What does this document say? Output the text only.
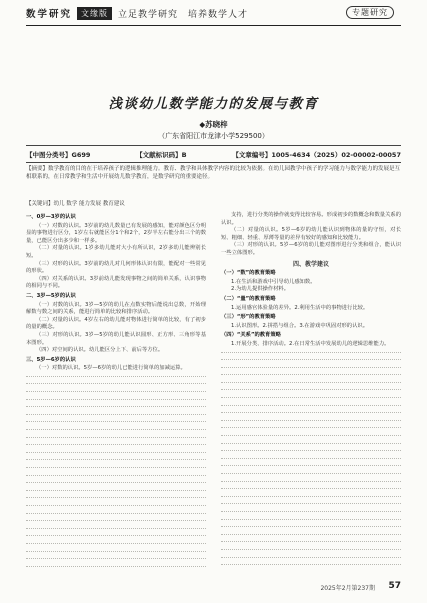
数学研究	文缘版	立足教学研究　培养数学人才	专题研究
浅谈幼儿数学能力的发展与教育
◆苏晓梓
（广东省阳江市龙津小学529500）
【中图分类号】G699	【文献标识码】B	【文章编号】1005-4634（2025）02-00002-00057
【摘要】数学教育的目的在于培养孩子的逻辑推理能力。教育、教学和具体教学内容的比较为依据。在幼儿园教学中孩子的学习能力与数学能力的发展是互相联系的，在日常教学和生活中开展幼儿数学教育，是数学研究的重要途径。
【关键词】幼儿 数学 能力发展 教育建议

一、0岁—3岁的认识

（一）对数的认识。3岁前的幼儿数量已有发展的感知，能对颜色区分明显的事物进行区分，1岁左右就能区分1个和2个，2岁半左右能分出三个的数量，已能区分出多少和一样多。

（二）对量的认识。1岁多幼儿能对大小有所认识，2岁多幼儿能辨别长短。

（三）对形的认识。3岁前的幼儿对几何形体认识有限，能配对一些常见的形状。

（四）对关系的认识。3岁前幼儿能发现事物之间的简单关系，认识事物的相同与不同。

二、3岁—5岁的认识

（一）对数的认识。3岁—5岁的幼儿在点数实物后能说出总数，开始理解数与数之间的关系，能进行简单的比较和排序活动。

（二）对量的认识。4岁左右的幼儿能对物体进行简单的比较，有了初步的量的概念。

（三）对形的认识。3岁—5岁的幼儿能认识圆形、正方形、三角形等基本图形。

（四）对空间的认识。幼儿能区分上下、前后等方位。

三、5岁—6岁的认识

（一）对数的认识。5岁—6岁的幼儿已能进行简单的加减运算。

支持，进行分类的操作就变得比较容易。形成初步的数概念和数量关系的认识。

（二）对量的认识。5岁—6岁的幼儿能认识到物体的量的守恒，对长短、粗细、轻重、厚薄等量的差异有较好的感知和比较能力。

（三）对形的认识。5岁—6岁的幼儿能对图形进行分类和组合，能认识一些立体图形。

四、教学建议

（一）“数”的教育策略

1.在生活和游戏中引导幼儿感知数。

2.为幼儿提供操作材料。

（二）“量”的教育策略

1.运用感官体验量的差异。2.利用生活中的事物进行比较。

（三）“形”的教育策略

1.认识图形。2.拼搭与组合。3.在游戏中巩固对形的认识。

（四）“关系”的教育策略

1.开展分类、排序活动。2.在日常生活中发展幼儿的逻辑思维能力。

2025年2月第237期 57
